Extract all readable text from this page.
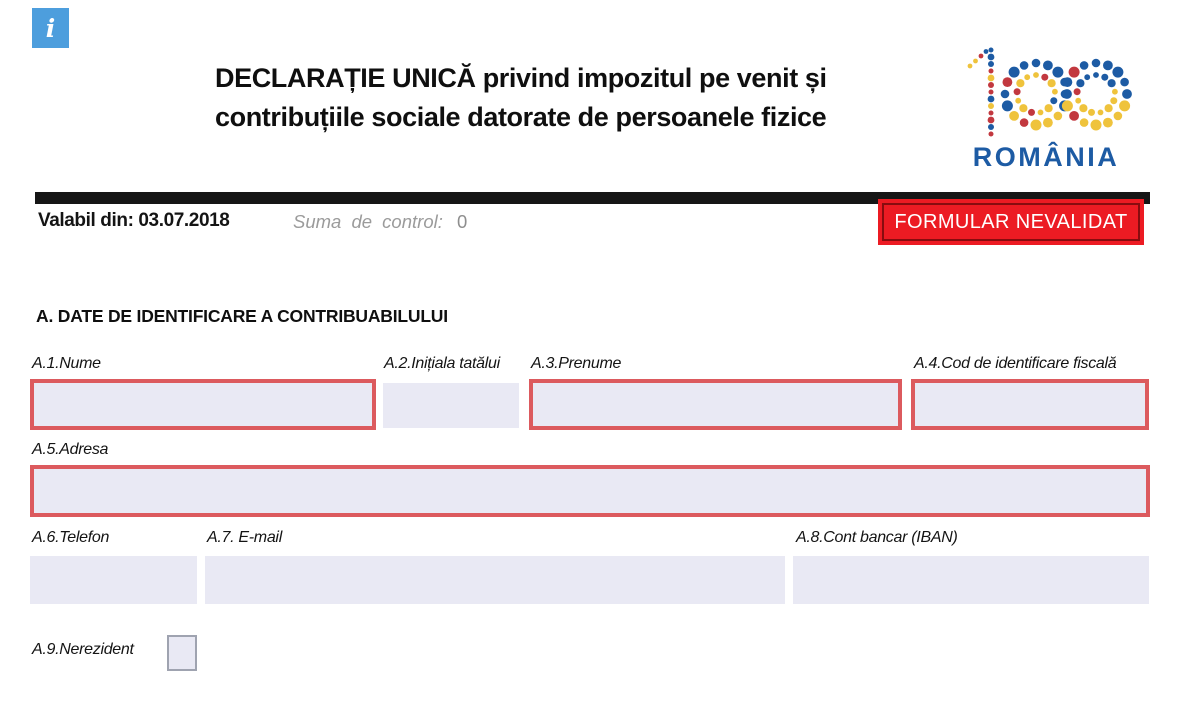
i
DECLARAȚIE UNICĂ privind impozitul pe venit și
contribuțiile sociale datorate de persoanele fizice
ROMÂNIA
FORMULAR NEVALIDAT
Valabil din: 03.07.2018	Suma de control: 0
A. DATE DE IDENTIFICARE A CONTRIBUABILULUI
A.1.Nume	A.2.Inițiala tatălui A.3.Prenume	A.4.Cod de identificare fiscală
A.5.Adresa
A.6.Telefon	A.7. E-mail	A.8.Cont bancar (IBAN)
A.9.Nerezident
